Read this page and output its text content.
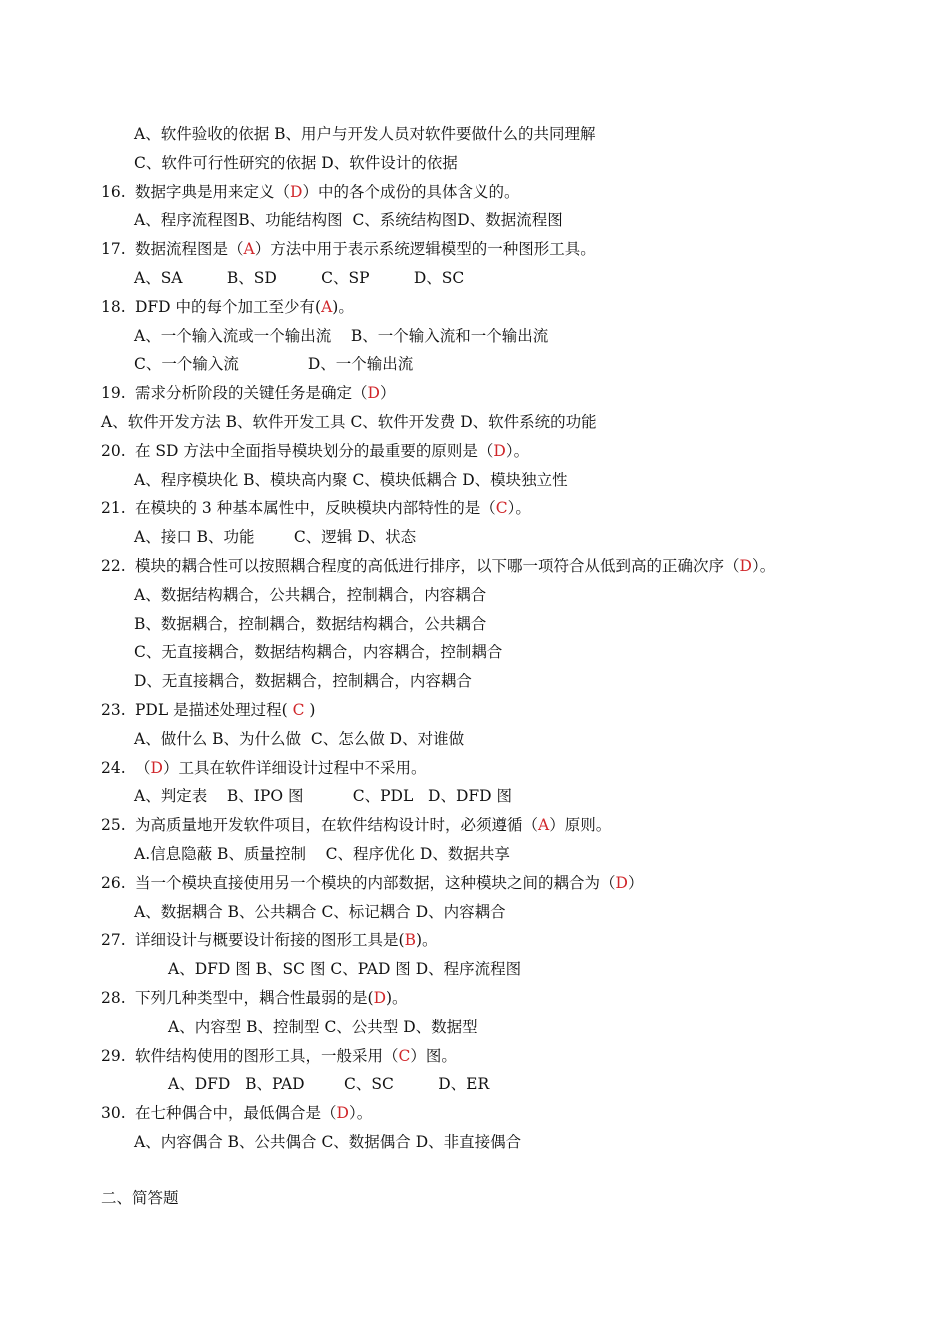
A、软件验收的依据 B、用户与开发人员对软件要做什么的共同理解
C、软件可行性研究的依据 D、软件设计的依据
16. 数据字典是用来定义（D）中的各个成份的具体含义的。
A、程序流程图B、功能结构图  C、系统结构图D、数据流程图
17. 数据流程图是（A）方法中用于表示系统逻辑模型的一种图形工具。
A、SA         B、SD         C、SP         D、SC
18. DFD 中的每个加工至少有(A)。
A、一个输入流或一个输出流    B、一个输入流和一个输出流
C、一个输入流              D、一个输出流
19. 需求分析阶段的关键任务是确定（D）
A、软件开发方法 B、软件开发工具 C、软件开发费 D、软件系统的功能
20. 在 SD 方法中全面指导模块划分的最重要的原则是（D）。
A、程序模块化 B、模块高内聚 C、模块低耦合 D、模块独立性
21. 在模块的 3 种基本属性中，反映模块内部特性的是（C）。
A、接口 B、功能        C、逻辑 D、状态
22. 模块的耦合性可以按照耦合程度的高低进行排序，以下哪一项符合从低到高的正确次序（D）。
A、数据结构耦合，公共耦合，控制耦合，内容耦合
B、数据耦合，控制耦合，数据结构耦合，公共耦合
C、无直接耦合，数据结构耦合，内容耦合，控制耦合
D、无直接耦合，数据耦合，控制耦合，内容耦合
23. PDL 是描述处理过程( C )
A、做什么 B、为什么做  C、怎么做 D、对谁做
24. （D）工具在软件详细设计过程中不采用。
A、判定表    B、IPO 图          C、PDL   D、DFD 图
25. 为高质量地开发软件项目，在软件结构设计时，必须遵循（A）原则。
A.信息隐蔽 B、质量控制    C、程序优化 D、数据共享
26. 当一个模块直接使用另一个模块的内部数据，这种模块之间的耦合为（D）
A、数据耦合 B、公共耦合 C、标记耦合 D、内容耦合
27. 详细设计与概要设计衔接的图形工具是(B)。
A、DFD 图 B、SC 图 C、PAD 图 D、程序流程图
28. 下列几种类型中，耦合性最弱的是(D)。
A、内容型 B、控制型 C、公共型 D、数据型
29. 软件结构使用的图形工具，一般采用（C）图。
A、DFD   B、PAD        C、SC         D、ER
30. 在七种偶合中，最低偶合是（D）。
A、内容偶合 B、公共偶合 C、数据偶合 D、非直接偶合
二、简答题
